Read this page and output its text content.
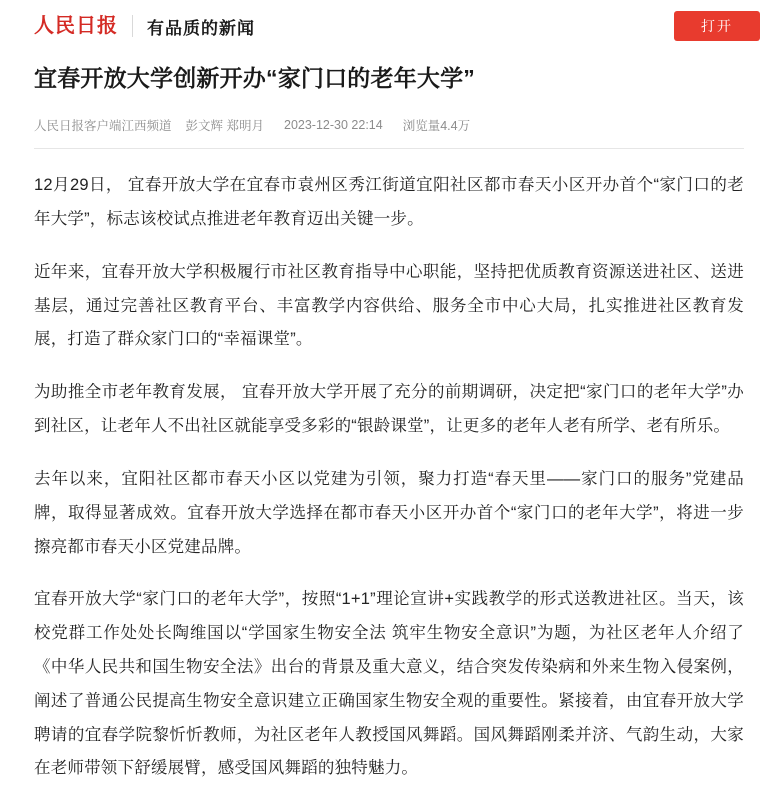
人民日报 有品质的新闻	打开
宜春开放大学创新开办“家门口的老年大学”
人民日报客户端江西频道 彭文辉 郑明月 2023-12-30 22:14 浏览量4.4万

12月29日， 宜春开放大学在宜春市袁州区秀江街道宜阳社区都市春天小区开办首个“家门口的老年大学”，标志该校试点推进老年教育迈出关键一步。

近年来，宜春开放大学积极履行市社区教育指导中心职能，坚持把优质教育资源送进社区、送进基层，通过完善社区教育平台、丰富教学内容供给、服务全市中心大局，扎实推进社区教育发展，打造了群众家门口的“幸福课堂”。

为助推全市老年教育发展， 宜春开放大学开展了充分的前期调研，决定把“家门口的老年大学”办到社区，让老年人不出社区就能享受多彩的“银龄课堂”，让更多的老年人老有所学、老有所乐。

去年以来，宜阳社区都市春天小区以党建为引领，聚力打造“春天里——家门口的服务”党建品牌，取得显著成效。宜春开放大学选择在都市春天小区开办首个“家门口的老年大学”，将进一步擦亮都市春天小区党建品牌。

宜春开放大学“家门口的老年大学”，按照“1+1”理论宣讲+实践教学的形式送教进社区。当天，该校党群工作处处长陶维国以“学国家生物安全法 筑牢生物安全意识”为题，为社区老年人介绍了《中华人民共和国生物安全法》出台的背景及重大意义，结合突发传染病和外来生物入侵案例，阐述了普通公民提高生物安全意识建立正确国家生物安全观的重要性。紧接着，由宜春开放大学聘请的宜春学院黎忻忻教师，为社区老年人教授国风舞蹈。国风舞蹈刚柔并济、气韵生动，大家在老师带领下舒缓展臂，感受国风舞蹈的独特魅力。
